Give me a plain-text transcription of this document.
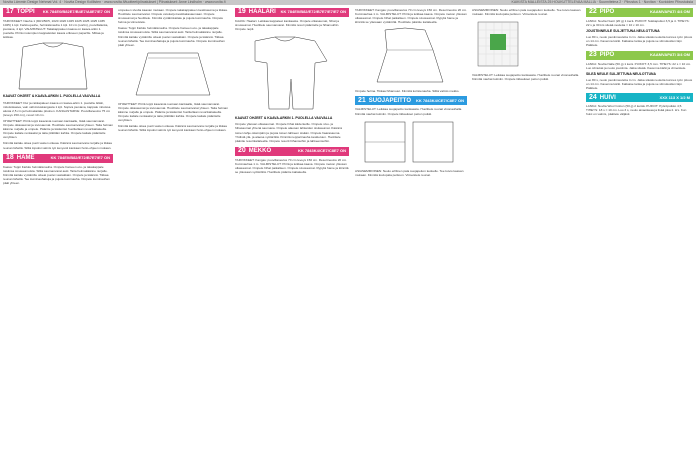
Novita Lämmin Design Nehmat Vol. 4 · Novita Design Koillisten · www.novita.fi/tuotteet/piirustukset | Piirustukset: Anne Lindholm · www.novita.fi	KAIKISTA MALLEISTA 25 HOUKUTTELEVAA MALLIA · Suunnitelma 2 · Piirustus 1 · Novitan · Kuvioiden Piirustuksia
17 TOPPI KK 784E0/B82E7/B4E7/A8E7/E7 ON

TARVIKKEET: Nauha 1 (90/1/50/5, 1020 1020 1025 1025 1025 1025 1035 1025) 1 kpl. Farkku-jauhe, helmiäisnauha 1 kpl. 10 cm (sortin), puuvillalanka, joustava, 4 kpl. VALMISTELUT: Takakappaleen kaava on kaava-arkin 1. puolella. Piirrä molempien kappaleiden kaava erikseen paperille. Mittaa ja leikkaa.

KAAVAT OHJEET & KAAVA-ARKIN 1. PUOLELLA VAUVALLA

TARVIKKEET: Dur ja rakkapaleen kaava on kaava-arkin 1. puolella. Eläin, mitoisskaava, vain vahvistuskangasta 1 kpl. Sopiva joustava, kappale mitoissa alusta 2,5 cm ja helmakaitale pituinen. KANGASTARVE: Puuvillaneulos 75 cm (leveys 150 cm), resori 10 cm.

OHJEITTEET: Piirrä toppi kaavasta suoraan kankaalle, lisää saumanvarat. Ompele olkasaumat ja sivusaumat. Huolittele saumanvarat yhteen. Taita helman käänne nurjalle ja ompele. Pääntie ja kädentiet huolitellaan resorikaitaleella. Ompele kaitale renkaaksi ja taita pitkittäin kahtia. Ompele kaitale pääntielle venyttäen.

Kiinnitä kaitale oikea puoli vasten oikeaa. Käännä saumanvara nurjalle ja tikkaa reunan läheltä. Silitä lopuksi valmis työ kevyesti kankaan hoito-ohjeen mukaan.

18 HAME	KK 784E0/B82/E72/B7E7/E7 ON

Kaava: Toppi Farkku helmiäisnauha. Ompele hameen etu- ja takakappale toisiinsa sivusaumoista. Silitä saumanvarat auki. Taita helmakäänne nurjalle. Kiinnitä kaitale vyötärölle oikeat puolet vastakkain. Ompele ja käännä. Tikkaa reunan läheltä. Tee kuminauhakuja ja pujota kuminauha. Ompele kuminauhan päät yhteen.

ompeleen sivulta kaavan mukaan. Ompele takakappaleen keskisauma ja tikkaa. Huolittele saumanvarat. Ompele vetoketju keskitakasaumaan. Ompele sivusaumat ja huolittele. Kiinnitä vyötärökaitale ja pujota kuminauha. Ompele helma ja viimeistele.

Kaava: Toppi Farkku helmiäisnauha. Ompele hameen etu- ja takakappale toisiinsa sivusaumoista. Silitä saumanvarat auki. Taita helmakäänne nurjalle. Kiinnitä kaitale vyötärölle oikeat puolet vastakkain. Ompele ja käännä. Tikkaa reunan läheltä. Tee kuminauhakuja ja pujota kuminauha. Ompele kuminauhan päät yhteen.

OHJEITTEET: Piirrä toppi kaavasta suoraan kankaalle, lisää saumanvarat. Ompele olkasaumat ja sivusaumat. Huolittele saumanvarat yhteen. Taita helman käänne nurjalle ja ompele. Pääntie ja kädentiet huolitellaan resorikaitaleella. Ompele kaitale renkaaksi ja taita pitkittäin kahtia. Ompele kaitale pääntielle venyttäen.

Kiinnitä kaitale oikea puoli vasten oikeaa. Käännä saumanvara nurjalle ja tikkaa reunan läheltä. Silitä lopuksi valmis työ kevyesti kankaan hoito-ohjeen mukaan.

19 HAALARI KK 784E0/B82/E72/B7E7/E7/E7 ON

KAAVA: Haalari. Leikkaa kappaleet kankaasta. Ompele olkasaumat, hihat ja sivusaumat. Huolittele saumanvarat. Kiinnitä resori pääntielle ja hihansuihin. Ompele nepit.

KAAVAT OHJEET & KAAVA-ARKIN 1. PUOLELLA VAUVALLA

Ompele yläosan olkasaumat. Ompele hihat kädenteille. Ompele sivu- ja hihasaumat yhtenä saumana. Ompele alaosan lahkeiden sisäsaumat. Käännä toinen lahje oikeinpäin ja pujota toisen lahkeen sisään. Ompele haarasauma. Yhdistä ylä- ja alaosa vyötäröltä. Kiinnitä nepparinauha keskietuun. Huolittele pääntie resorikaitaleella. Ompele resorit hihansuihin ja lahkeensuihin.

20 MEKKO	KK 7843K4/CE7/C8E7 ON

TARVIKKEET: Kangas: puuvillaneulos 70 cm leveys 150 cm. Resorineulos 20 cm. Kuminauhaa 1 m. VALMISTELUT: Piirrä ja leikkaa kaava. Ompele mekon yläosan olkasaumat. Ompele hihat paikalleen. Ompele sivusaumat. Rypytä hame ja kiinnitä se yläosaan vyötäröltä. Huolittele pääntie kaitaleella.

TARVIKKEET: Kangas: puuvillaneulos 70 cm leveys 150 cm. Resorineulos 20 cm. Kuminauhaa 1 m. VALMISTELUT: Piirrä ja leikkaa kaava. Ompele mekon yläosan olkasaumat. Ompele hihat paikalleen. Ompele sivusaumat. Rypytä hame ja kiinnitä se yläosaan vyötäröltä. Huolittele pääntie kaitaleella.

Ompele helma. Tikkaa hihansuut. Kiinnitä koristenauha. Silitä valmis mekko.

21 SUOJAPEITTO KK 7843K4/CE7/C8E7 ON

VALMISTELUT: Leikkaa suojapeitto kankaasta. Huolittele reunat vinonauhalla. Kiinnitä nauhat kulmiin. Ompele tikkaukset peiton poikki.

ASIASEMMOINEN: Neulo erillinen pala suojapeiton keskelle. Tee kuvio kaavan mukaan. Kiinnitä kuviopala peittoon. Viimeistele reunat.

ASIASEMMOINEN: Neulo erillinen pala suojapeiton keskelle. Tee kuvio kaavan mukaan. Kiinnitä kuviopala peittoon. Viimeistele reunat.

VALMISTELUT: Leikkaa suojapeitto kankaasta. Huolittele reunat vinonauhalla. Kiinnitä nauhat kulmiin. Ompele tikkaukset peiton poikki.

22 PIPO	KAAMVAPATI 4/4 OM

LANKA: Novita Nuori (20 g) 1 kerä. PUIKOT: Sukkapuikot 3,5 ja 4. TIHEYS: 22 s ja 30 krs sileää neuletta = 10 x 10 cm.

JOUSTINNEULE SULJETTUNA NEULOTTUNA

Luo 80 s, neulo joustinneuletta 4 cm. Jatka sileää neuletta kunnes työn pituus on 14 cm. Kavenna kärki. Katkaise lanka ja pujota se silmukoiden läpi. Päättele.

23 PIPO	KAAMVAPATI 3/4 OM

LANKA: Novita Nalle (50 g) 1 kerä. PUIKOT: 3,5 mm. TIHEYS: 22 s = 10 cm. Luo silmukat ja neulo joustinta. Jatka sileää. Kavenna kärki ja viimeistele.

SILEÄ NEULE SULJETTUNA NEULOTTUNA

Luo 80 s, neulo joustinneuletta 4 cm. Jatka sileää neuletta kunnes työn pituus on 14 cm. Kavenna kärki. Katkaise lanka ja pujota se silmukoiden läpi. Päättele.

24 HUIVI	XXX 113 X 1/2 M

LANKA: Novita Wool Cotton (50 g) 2 kerää. PUIKOT: Pyöröpuikko 4,5. TIHEYS: 18 s = 10 cm. Luo 3 s, neulo ainaoikeaa ja lisää joka 2. krs. Kun huivi on valmis, päättele väljästi.
